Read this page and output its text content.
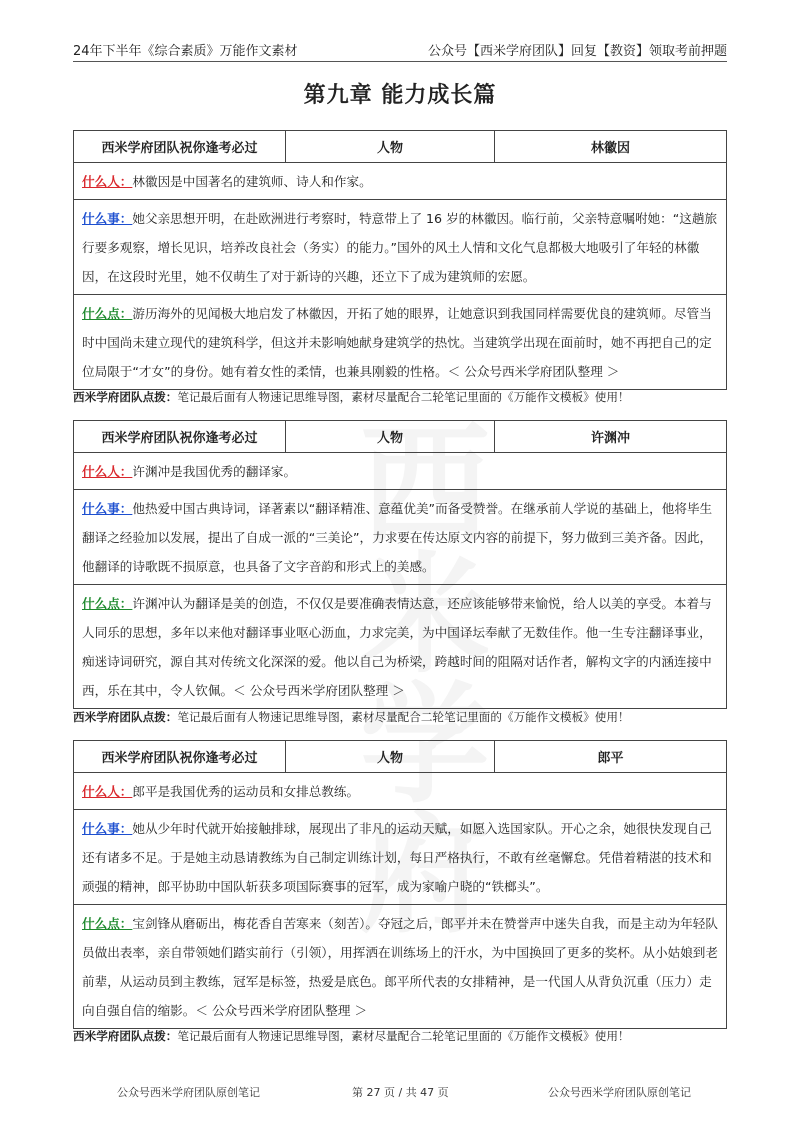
24年下半年《综合素质》万能作文素材	公众号【西米学府团队】回复【教资】领取考前押题
第九章 能力成长篇
西米学府团队祝你逢考必过	人物	林徽因
什么人：林徽因是中国著名的建筑师、诗人和作家。
什么事：她父亲思想开明，在赴欧洲进行考察时，特意带上了 16 岁的林徽因。临行前，父亲特意嘱咐她：“这趟旅行要多观察，增长见识，培养改良社会（务实）的能力。”国外的风土人情和文化气息都极大地吸引了年轻的林徽因，在这段时光里，她不仅萌生了对于新诗的兴趣，还立下了成为建筑师的宏愿。
什么点：游历海外的见闻极大地启发了林徽因，开拓了她的眼界，让她意识到我国同样需要优良的建筑师。尽管当时中国尚未建立现代的建筑科学，但这并未影响她献身建筑学的热忱。当建筑学出现在面前时，她不再把自己的定位局限于“才女”的身份。她有着女性的柔情，也兼具刚毅的性格。＜ 公众号西米学府团队整理 ＞
西米学府团队点拨：笔记最后面有人物速记思维导图，素材尽量配合二轮笔记里面的《万能作文模板》使用！
西米学府团队祝你逢考必过	人物	许渊冲
什么人：许渊冲是我国优秀的翻译家。
什么事：他热爱中国古典诗词，译著素以“翻译精准、意蕴优美”而备受赞誉。在继承前人学说的基础上，他将毕生翻译之经验加以发展，提出了自成一派的“三美论”，力求要在传达原文内容的前提下，努力做到三美齐备。因此，他翻译的诗歌既不损原意，也具备了文字音韵和形式上的美感。
什么点：许渊冲认为翻译是美的创造，不仅仅是要准确表情达意，还应该能够带来愉悦，给人以美的享受。本着与人同乐的思想，多年以来他对翻译事业呕心沥血，力求完美，为中国译坛奉献了无数佳作。他一生专注翻译事业，痴迷诗词研究，源自其对传统文化深深的爱。他以自己为桥梁，跨越时间的阻隔对话作者，解构文字的内涵连接中西，乐在其中，令人钦佩。＜ 公众号西米学府团队整理 ＞
西米学府团队点拨：笔记最后面有人物速记思维导图，素材尽量配合二轮笔记里面的《万能作文模板》使用！
西米学府团队祝你逢考必过	人物	郎平
什么人：郎平是我国优秀的运动员和女排总教练。
什么事：她从少年时代就开始接触排球，展现出了非凡的运动天赋，如愿入选国家队。开心之余，她很快发现自己还有诸多不足。于是她主动恳请教练为自己制定训练计划，每日严格执行，不敢有丝毫懈怠。凭借着精湛的技术和顽强的精神，郎平协助中国队斩获多项国际赛事的冠军，成为家喻户晓的“铁榔头”。
什么点：宝剑锋从磨砺出，梅花香自苦寒来（刻苦）。夺冠之后，郎平并未在赞誉声中迷失自我，而是主动为年轻队员做出表率，亲自带领她们踏实前行（引领），用挥洒在训练场上的汗水，为中国换回了更多的奖杯。从小姑娘到老前辈，从运动员到主教练，冠军是标签，热爱是底色。郎平所代表的女排精神，是一代国人从背负沉重（压力）走向自强自信的缩影。＜ 公众号西米学府团队整理 ＞
西米学府团队点拨：笔记最后面有人物速记思维导图，素材尽量配合二轮笔记里面的《万能作文模板》使用！
公众号西米学府团队原创笔记	第 27 页 / 共 47 页	公众号西米学府团队原创笔记
